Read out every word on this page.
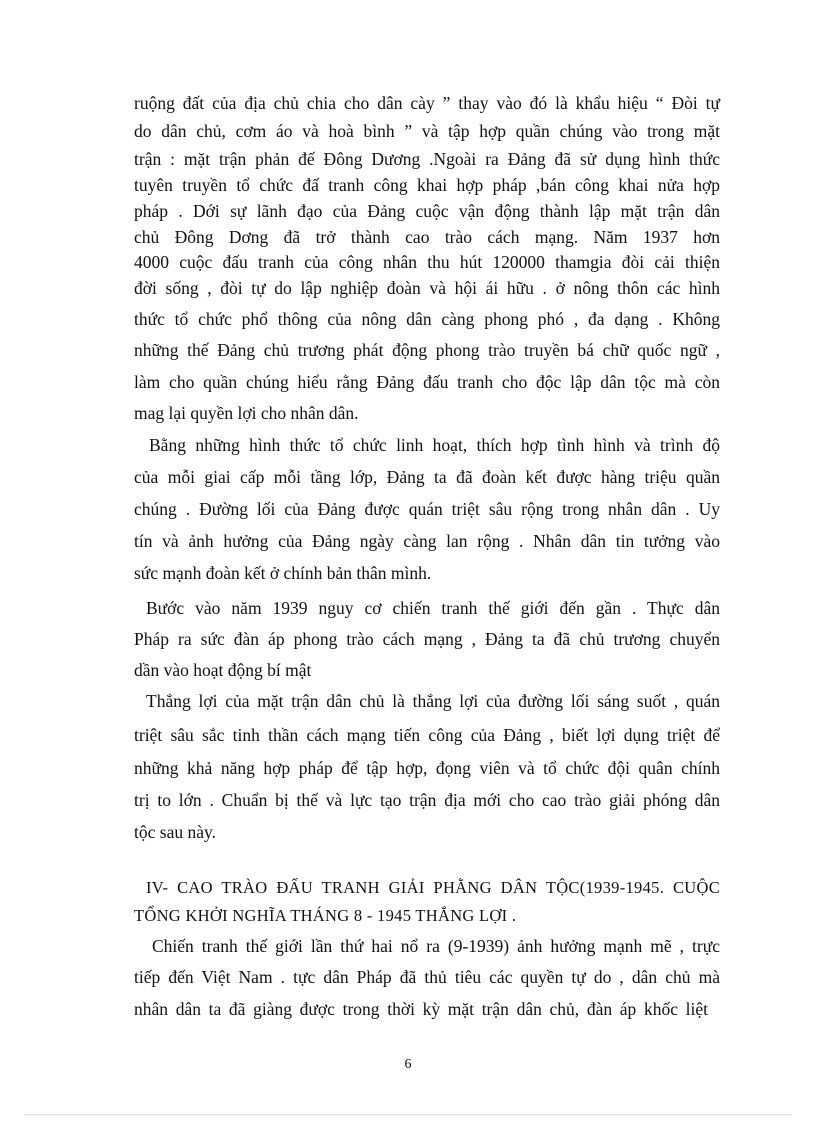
ruộng đất của địa chủ chia cho dân cày ” thay vào đó là khẩu hiệu “ Đòi tự
do dân chủ, cơm áo và hoà bình ” và tập hợp quần chúng vào trong mặt
trận : mặt trận phản đế Đông Dương .Ngoài ra Đảng đã sử dụng hình thức
tuyên truyền tổ chức đấ tranh công khai hợp pháp ,bán công khai nửa hợp
pháp . Dới sự lãnh đạo của Đảng cuộc vận động thành lập mặt trận dân
chủ Đông Dơng đã trở thành cao trào cách mạng. Năm 1937 hơn
4000 cuộc đấu tranh của công nhân thu hút 120000 thamgia đòi cải thiện
đời sống , đòi tự do lập nghiệp đoàn và hội ái hữu . ở nông thôn các hình
thức tổ chức phổ thông của nông dân càng phong phó , đa dạng . Không
những thế Đảng chủ trương phát động phong trào truyền bá chữ quốc ngữ ,
làm cho quần chúng hiểu rằng Đảng đấu tranh cho độc lập dân tộc mà còn
mag lại quyền lợi cho nhân dân.
Bằng những hình thức tổ chức linh hoạt, thích hợp tình hình và trình độ
của mỗi giai cấp mỗi tầng lớp, Đảng ta đã đoàn kết được hàng triệu quần
chúng . Đường lối của Đảng được quán triệt sâu rộng trong nhân dân . Uy
tín và ảnh hưởng của Đảng ngày càng lan rộng . Nhân dân tin tưởng vào
sức mạnh đoàn kết ở chính bản thân mình.
Bước vào năm 1939 nguy cơ chiến tranh thế giới đến gần . Thực dân
Pháp ra sức đàn áp phong trào cách mạng , Đảng ta đã chủ trương chuyển
dần vào hoạt động bí mật
Thắng lợi của mặt trận dân chủ là thắng lợi của đường lối sáng suốt , quán
triệt sâu sắc tinh thần cách mạng tiến công của Đảng , biết lợi dụng triệt để
những khả năng hợp pháp để tập hợp, đọng viên và tổ chức đội quân chính
trị to lớn . Chuẩn bị thế và lực tạo trận địa mới cho cao trào giải phóng dân
tộc sau này.
IV- CAO TRÀO ĐẤU TRANH GIẢI PHẰNG DÂN TỘC(1939-1945. CUỘC
TỔNG KHỞI NGHĨA THÁNG 8 - 1945 THẮNG LỢI .
Chiến tranh thế giới lần thứ hai nổ ra (9-1939) ảnh hưởng mạnh mẽ , trực
tiếp đến Việt Nam . tực dân Pháp đã thủ tiêu các quyền tự do , dân chủ mà
nhân dân ta đã giàng được trong thời kỳ mặt trận dân chủ, đàn áp khốc liệt
6
